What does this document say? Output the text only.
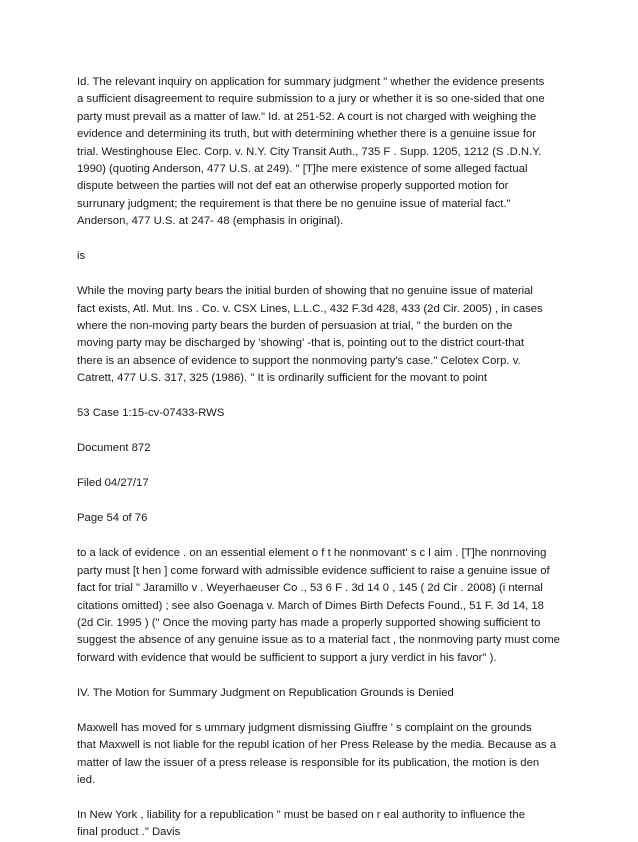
Id. The relevant inquiry on application for summary judgment " whether the evidence presents
a sufficient disagreement to require submission to a jury or whether it is so one-sided that one
party must prevail as a matter of law." Id. at 251-52. A court is not charged with weighing the
evidence and determining its truth, but with determining whether there is a genuine issue for
trial. Westinghouse Elec. Corp. v. N.Y. City Transit Auth., 735 F . Supp. 1205, 1212 (S .D.N.Y.
1990) (quoting Anderson, 477 U.S. at 249). " [T]he mere existence of some alleged factual
dispute between the parties will not def eat an otherwise properly supported motion for
surrunary judgment; the requirement is that there be no genuine issue of material fact."
Anderson, 477 U.S. at 247- 48 (emphasis in original).

is

While the moving party bears the initial burden of showing that no genuine issue of material
fact exists, Atl. Mut. Ins . Co. v. CSX Lines, L.L.C., 432 F.3d 428, 433 (2d Cir. 2005) , in cases
where the non-moving party bears the burden of persuasion at trial, " the burden on the
moving party may be discharged by 'showing' -that is, pointing out to the district court-that
there is an absence of evidence to support the nonmoving party's case." Celotex Corp. v.
Catrett, 477 U.S. 317, 325 (1986). " It is ordinarily sufficient for the movant to point

53 Case 1:15-cv-07433-RWS

Document 872

Filed 04/27/17

Page 54 of 76

to a lack of evidence . on an essential element o f t he nonmovant' s c l aim . [T]he nonrnoving
party must [t hen ] come forward with admissible evidence sufficient to raise a genuine issue of
fact for trial " Jaramillo v . Weyerhaeuser Co ., 53 6 F . 3d 14 0 , 145 ( 2d Cir . 2008) (i nternal
citations omitted) ; see also Goenaga v. March of Dimes Birth Defects Found., 51 F. 3d 14, 18
(2d Cir. 1995 ) (" Once the moving party has made a properly supported showing sufficient to
suggest the absence of any genuine issue as to a material fact , the nonmoving party must come
forward with evidence that would be sufficient to support a jury verdict in his favor" ).

IV. The Motion for Summary Judgment on Republication Grounds is Denied

Maxwell has moved for s ummary judgment dismissing Giuffre ' s complaint on the grounds
that Maxwell is not liable for the republ ication of her Press Release by the media. Because as a
matter of law the issuer of a press release is responsible for its publication, the motion is den
ied.

In New York , liability for a republication " must be based on r eal authority to influence the
final product ." Davis
